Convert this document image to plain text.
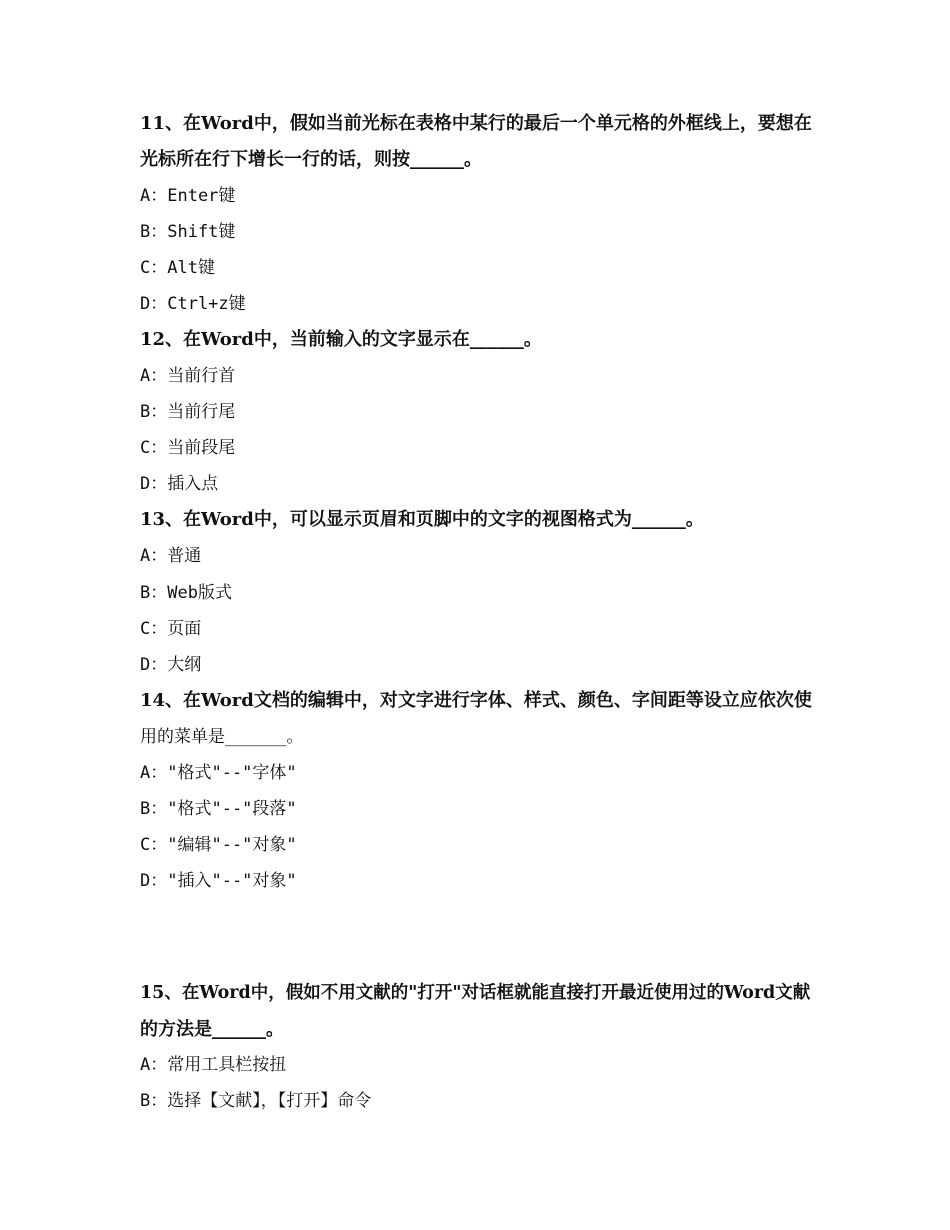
11、在Word中，假如当前光标在表格中某行的最后一个单元格的外框线上，要想在
光标所在行下增长一行的话，则按______。
A：Enter键
B：Shift键
C：Alt键
D：Ctrl+z键
12、在Word中，当前输入的文字显示在______。
A：当前行首
B：当前行尾
C：当前段尾
D：插入点
13、在Word中，可以显示页眉和页脚中的文字的视图格式为______。
A：普通
B：Web版式
C：页面
D：大纲
14、在Word文档的编辑中，对文字进行字体、样式、颜色、字间距等设立应依次使
用的菜单是______。
A："格式"--"字体"
B："格式"--"段落"
C："编辑"--"对象"
D："插入"--"对象"
15、在Word中，假如不用文献的"打开"对话框就能直接打开最近使用过的Word文献
的方法是______。
A：常用工具栏按扭
B：选择【文献】，【打开】命令
